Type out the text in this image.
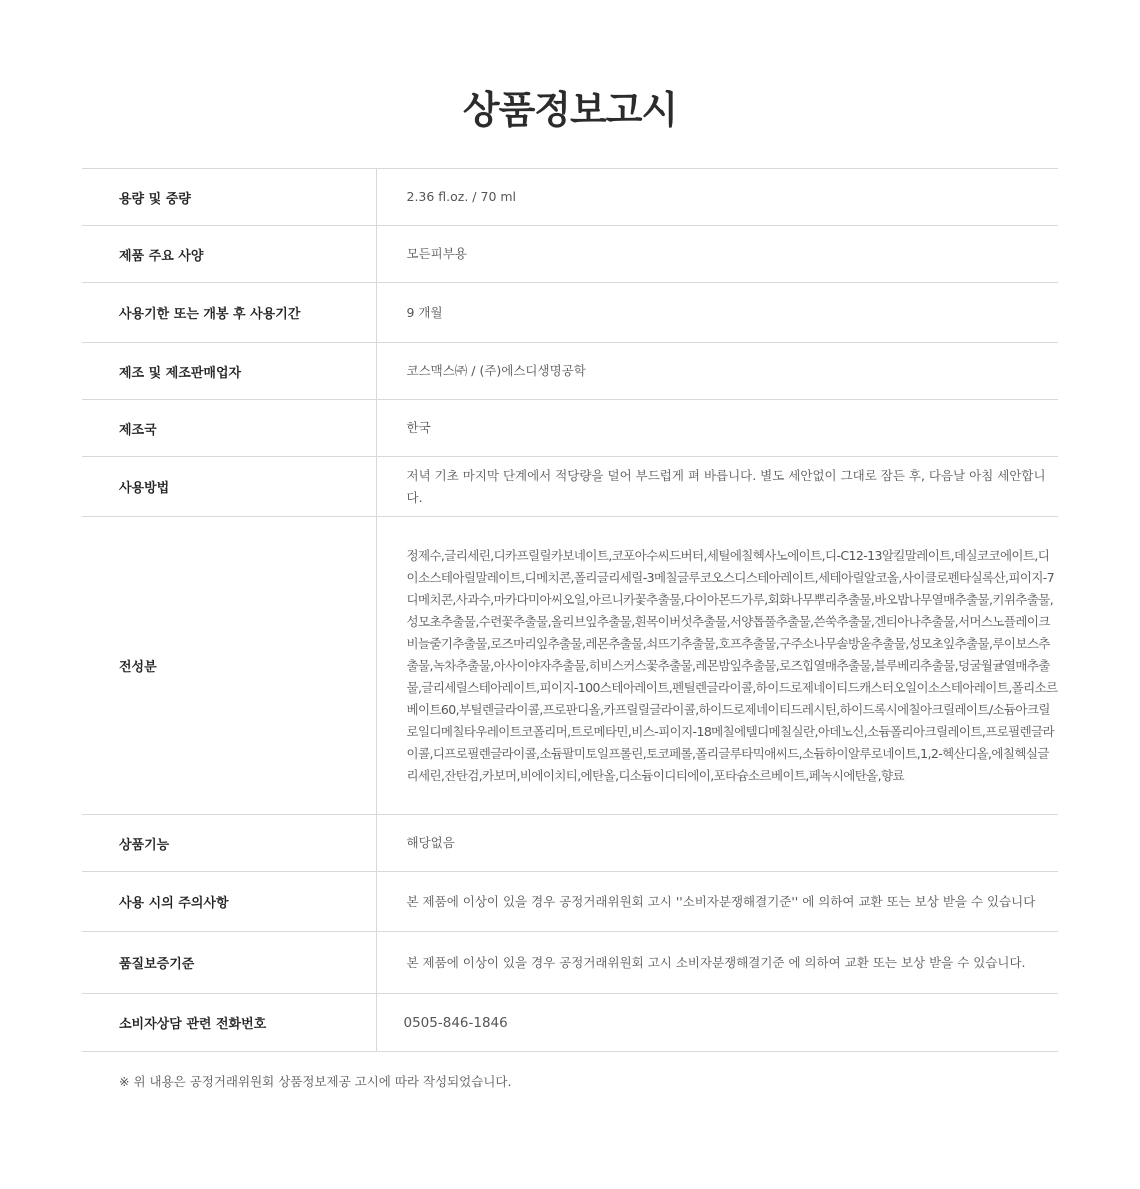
상품정보고시
용량 및 중량	2.36 fl.oz. / 70 ml
제품 주요 사양	모든피부용
사용기한 또는 개봉 후 사용기간	9 개월
제조 및 제조판매업자	코스맥스㈜ / (주)에스디생명공학
제조국	한국
사용방법	저녁 기초 마지막 단계에서 적당량을 덜어 부드럽게 펴 바릅니다. 별도 세안없이 그대로 잠든 후, 다음날 아침 세안합니다.
전성분	정제수,글리세린,디카프릴릴카보네이트,코포아수씨드버터,세틸에칠헥사노에이트,디-C12-13알킬말레이트,데실코코에이트,디이소스테아릴말레이트,디메치콘,폴리글리세릴-3메칠글루코오스디스테아레이트,세테아릴알코올,사이클로펜타실록산,피이지-7디메치콘,사과수,마카다미아씨오일,아르니카꽃추출물,다이아몬드가루,회화나무뿌리추출물,바오밥나무열매추출물,키위추출물,성모초추출물,수련꽃추출물,올리브잎추출물,흰목이버섯추출물,서양톱풀추출물,쓴쑥추출물,겐티아나추출물,서머스노플레이크비늘줄기추출물,로즈마리잎추출물,레몬추출물,쇠뜨기추출물,호프추출물,구주소나무솔방울추출물,성모초잎추출물,루이보스추출물,녹차추출물,아사이야자추출물,히비스커스꽃추출물,레몬밤잎추출물,로즈힙열매추출물,블루베리추출물,덩굴월귤열매추출물,글리세릴스테아레이트,피이지-100스테아레이트,펜틸렌글라이콜,하이드로제네이티드캐스터오일이소스테아레이트,폴리소르베이트60,부틸렌글라이콜,프로판디올,카프릴릴글라이콜,하이드로제네이티드레시틴,하이드록시에칠아크릴레이트/소듐아크릴로일디메칠타우레이트코폴리머,트로메타민,비스-피이지-18메칠에텔디메칠실란,아데노신,소듐폴리아크릴레이트,프로필렌글라이콜,디프로필렌글라이콜,소듐팔미토일프롤린,토코페롤,폴리글루타믹애씨드,소듐하이알루로네이트,1,2-헥산디올,에칠헥실글리세린,잔탄검,카보머,비에이치티,에탄올,디소듐이디티에이,포타슘소르베이트,페녹시에탄올,향료
상품기능	해당없음
사용 시의 주의사항	본 제품에 이상이 있을 경우 공정거래위원회 고시 ''소비자분쟁해결기준'' 에 의하여 교환 또는 보상 받을 수 있습니다
품질보증기준	본 제품에 이상이 있을 경우 공정거래위원회 고시 소비자분쟁해결기준 에 의하여 교환 또는 보상 받을 수 있습니다.
소비자상담 관련 전화번호	0505-846-1846

※ 위 내용은 공정거래위원회 상품정보제공 고시에 따라 작성되었습니다.
